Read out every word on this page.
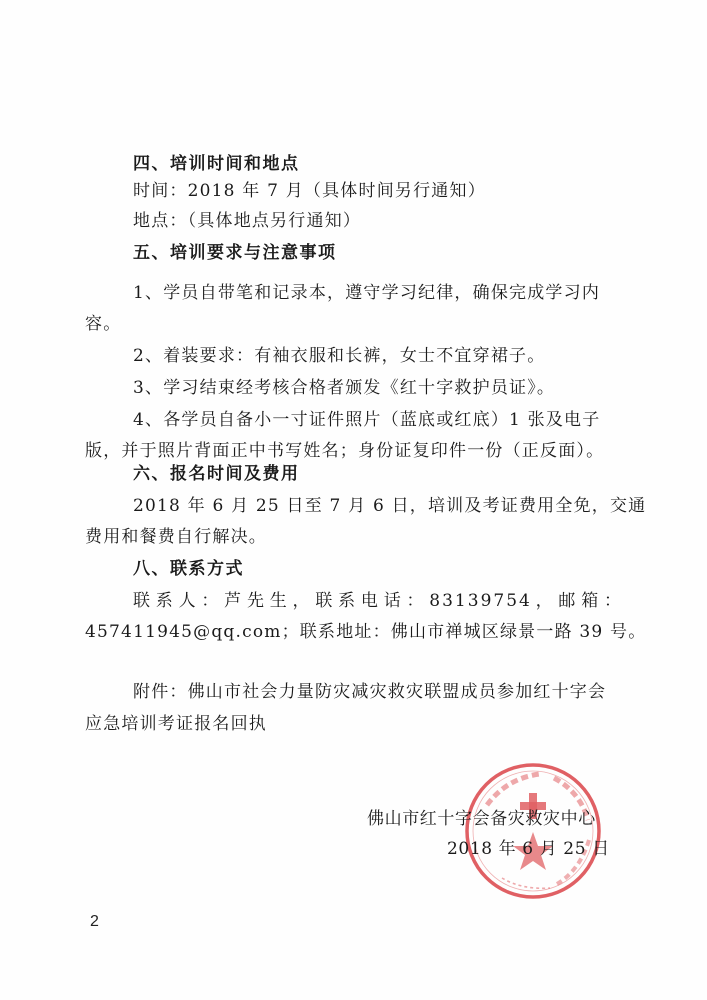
四、培训时间和地点
时间：2018 年 7 月（具体时间另行通知）
地点：（具体地点另行通知）
五、培训要求与注意事项
1、学员自带笔和记录本，遵守学习纪律，确保完成学习内
容。
2、着装要求：有袖衣服和长裤，女士不宜穿裙子。
3、学习结束经考核合格者颁发《红十字救护员证》。
4、各学员自备小一寸证件照片（蓝底或红底）1 张及电子
版，并于照片背面正中书写姓名；身份证复印件一份（正反面）。
六、报名时间及费用
2018 年 6 月 25 日至 7 月 6 日，培训及考证费用全免，交通
费用和餐费自行解决。
八、联系方式
联系人：芦先生，联系电话：83139754，邮箱：
457411945@qq.com；联系地址：佛山市禅城区绿景一路 39 号。
附件：佛山市社会力量防灾减灾救灾联盟成员参加红十字会
应急培训考证报名回执
佛山市红十字会备灾救灾中心
2018 年 6 月 25 日
2
